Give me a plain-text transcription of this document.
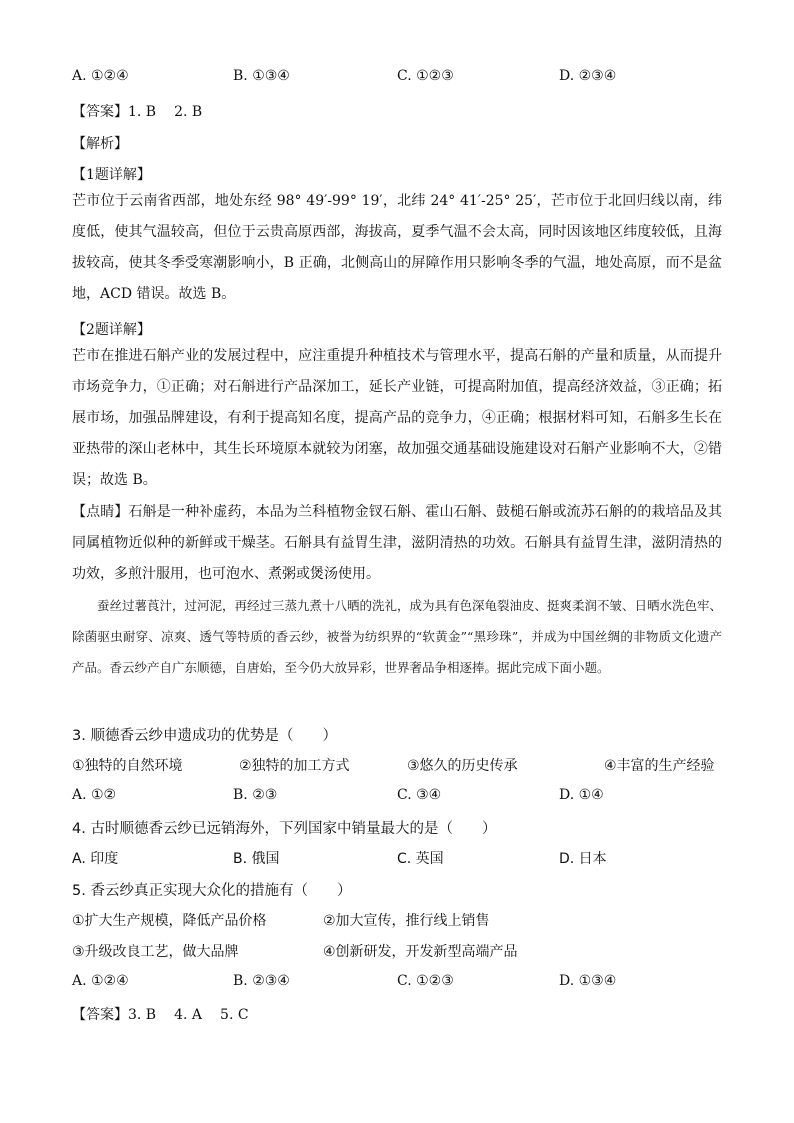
A. ①②④	B. ①③④	C. ①②③	D. ②③④
【答案】1. B 2. B
【解析】
【1题详解】

芒市位于云南省西部，地处东经 98° 49′-99° 19′，北纬 24° 41′-25° 25′，芒市位于北回归线以南，纬度低，使其气温较高，但位于云贵高原西部，海拔高，夏季气温不会太高，同时因该地区纬度较低，且海拔较高，使其冬季受寒潮影响小，B 正确，北侧高山的屏障作用只影响冬季的气温，地处高原，而不是盆地，ACD 错误。故选 B。

【2题详解】

芒市在推进石斛产业的发展过程中，应注重提升种植技术与管理水平，提高石斛的产量和质量，从而提升市场竞争力，①正确；对石斛进行产品深加工，延长产业链，可提高附加值，提高经济效益，③正确；拓展市场，加强品牌建设，有利于提高知名度，提高产品的竞争力，④正确；根据材料可知，石斛多生长在亚热带的深山老林中，其生长环境原本就较为闭塞，故加强交通基础设施建设对石斛产业影响不大，②错误；故选 B。

【点睛】石斛是一种补虚药，本品为兰科植物金钗石斛、霍山石斛、鼓槌石斛或流苏石斛的的栽培品及其同属植物近似种的新鲜或干燥茎。石斛具有益胃生津，滋阴清热的功效。石斛具有益胃生津，滋阴清热的功效，多煎汁服用，也可泡水、煮粥或煲汤使用。

蚕丝过薯莨汁，过河泥，再经过三蒸九煮十八晒的洗礼，成为具有色深龟裂油皮、挺爽柔润不皱、日晒水洗色牢、除菌驱虫耐穿、凉爽、透气等特质的香云纱，被誉为纺织界的“软黄金”“黑珍珠”，并成为中国丝绸的非物质文化遗产产品。香云纱产自广东顺德，自唐始，至今仍大放异彩，世界奢品争相逐捧。据此完成下面小题。

3. 顺德香云纱申遗成功的优势是（　　）
①独特的自然环境	②独特的加工方式	③悠久的历史传承	④丰富的生产经验
A. ①②	B. ②③	C. ③④	D. ①④
4. 古时顺德香云纱已远销海外，下列国家中销量最大的是（　　）
A. 印度	B. 俄国	C. 英国	D. 日本
5. 香云纱真正实现大众化的措施有（　　）
①扩大生产规模，降低产品价格	②加大宣传，推行线上销售
③升级改良工艺，做大品牌	④创新研发，开发新型高端产品
A. ①②④	B. ②③④	C. ①②③	D. ①③④
【答案】3. B 4. A 5. C
